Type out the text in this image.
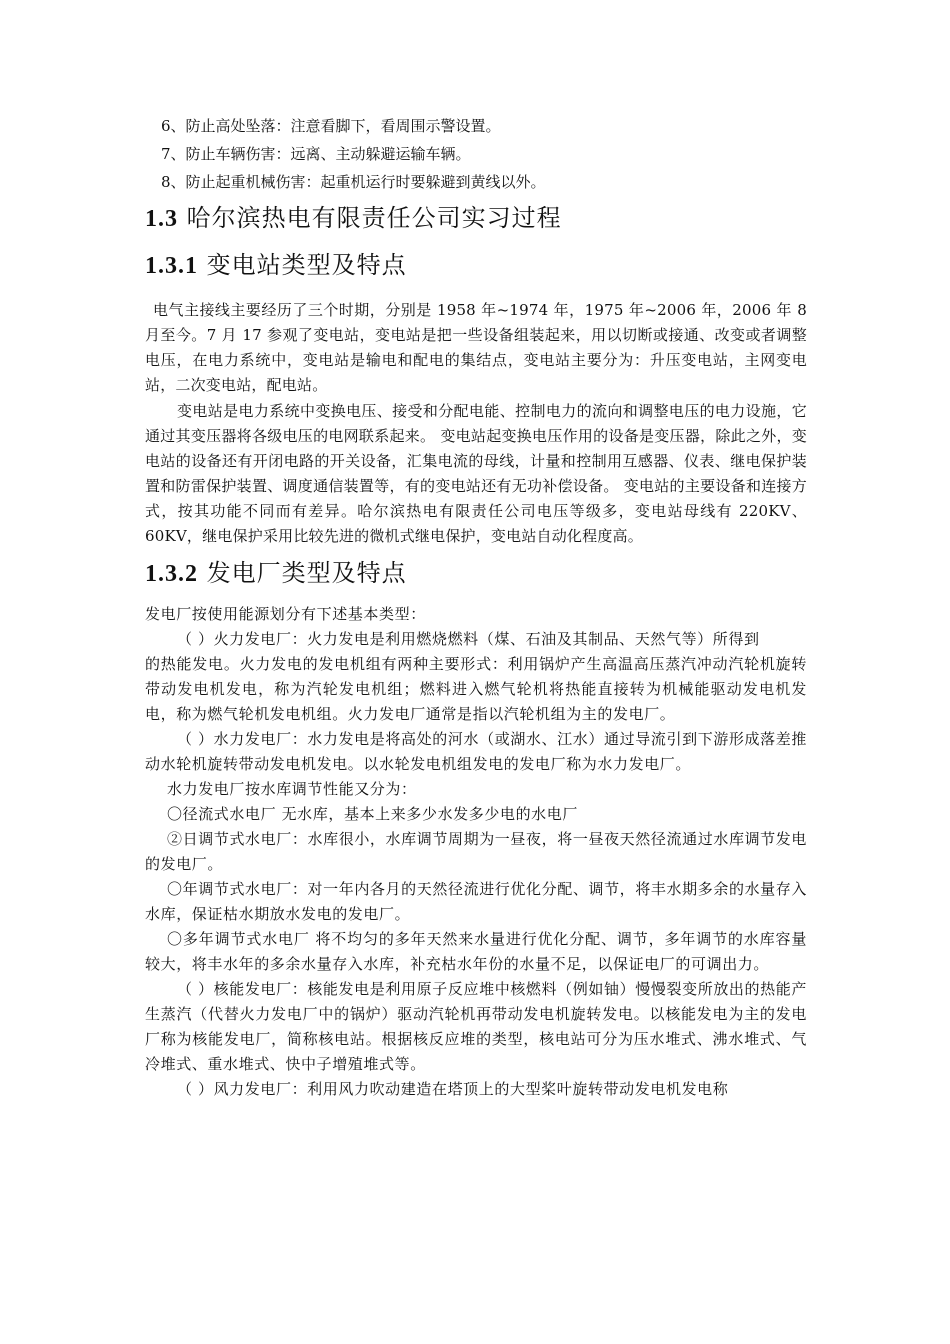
6、防止高处坠落：注意看脚下，看周围示警设置。

7、防止车辆伤害：远离、主动躲避运输车辆。

8、防止起重机械伤害：起重机运行时要躲避到黄线以外。

1.3 哈尔滨热电有限责任公司实习过程
1.3.1 变电站类型及特点

电气主接线主要经历了三个时期，分别是 1958 年~1974 年，1975 年~2006 年，2006 年 8 月至今。7 月 17 参观了变电站，变电站是把一些设备组装起来，用以切断或接通、改变或者调整电压，在电力系统中，变电站是输电和配电的集结点，变电站主要分为：升压变电站，主网变电站，二次变电站，配电站。

变电站是电力系统中变换电压、接受和分配电能、控制电力的流向和调整电压的电力设施，它通过其变压器将各级电压的电网联系起来。 变电站起变换电压作用的设备是变压器，除此之外，变电站的设备还有开闭电路的开关设备，汇集电流的母线，计量和控制用互感器、仪表、继电保护装置和防雷保护装置、调度通信装置等，有的变电站还有无功补偿设备。 变电站的主要设备和连接方式，按其功能不同而有差异。哈尔滨热电有限责任公司电压等级多，变电站母线有 220KV、60KV，继电保护采用比较先进的微机式继电保护，变电站自动化程度高。

1.3.2 发电厂类型及特点

发电厂按使用能源划分有下述基本类型：

（ ）火力发电厂：火力发电是利用燃烧燃料（煤、石油及其制品、天然气等）所得到

的热能发电。火力发电的发电机组有两种主要形式：利用锅炉产生高温高压蒸汽冲动汽轮机旋转带动发电机发电，称为汽轮发电机组；燃料进入燃气轮机将热能直接转为机械能驱动发电机发电，称为燃气轮机发电机组。火力发电厂通常是指以汽轮机组为主的发电厂。

（ ）水力发电厂：水力发电是将高处的河水（或湖水、江水）通过导流引到下游形成落差推动水轮机旋转带动发电机发电。以水轮发电机组发电的发电厂称为水力发电厂。

水力发电厂按水库调节性能又分为：

〇径流式水电厂 无水库，基本上来多少水发多少电的水电厂

②日调节式水电厂：水库很小，水库调节周期为一昼夜，将一昼夜天然径流通过水库调节发电的发电厂。

〇年调节式水电厂：对一年内各月的天然径流进行优化分配、调节，将丰水期多余的水量存入水库，保证枯水期放水发电的发电厂。

〇多年调节式水电厂 将不均匀的多年天然来水量进行优化分配、调节，多年调节的水库容量较大，将丰水年的多余水量存入水库，补充枯水年份的水量不足，以保证电厂的可调出力。

（ ）核能发电厂：核能发电是利用原子反应堆中核燃料（例如铀）慢慢裂变所放出的热能产生蒸汽（代替火力发电厂中的锅炉）驱动汽轮机再带动发电机旋转发电。以核能发电为主的发电厂称为核能发电厂，简称核电站。根据核反应堆的类型，核电站可分为压水堆式、沸水堆式、气冷堆式、重水堆式、快中子增殖堆式等。

（ ）风力发电厂：利用风力吹动建造在塔顶上的大型桨叶旋转带动发电机发电称
